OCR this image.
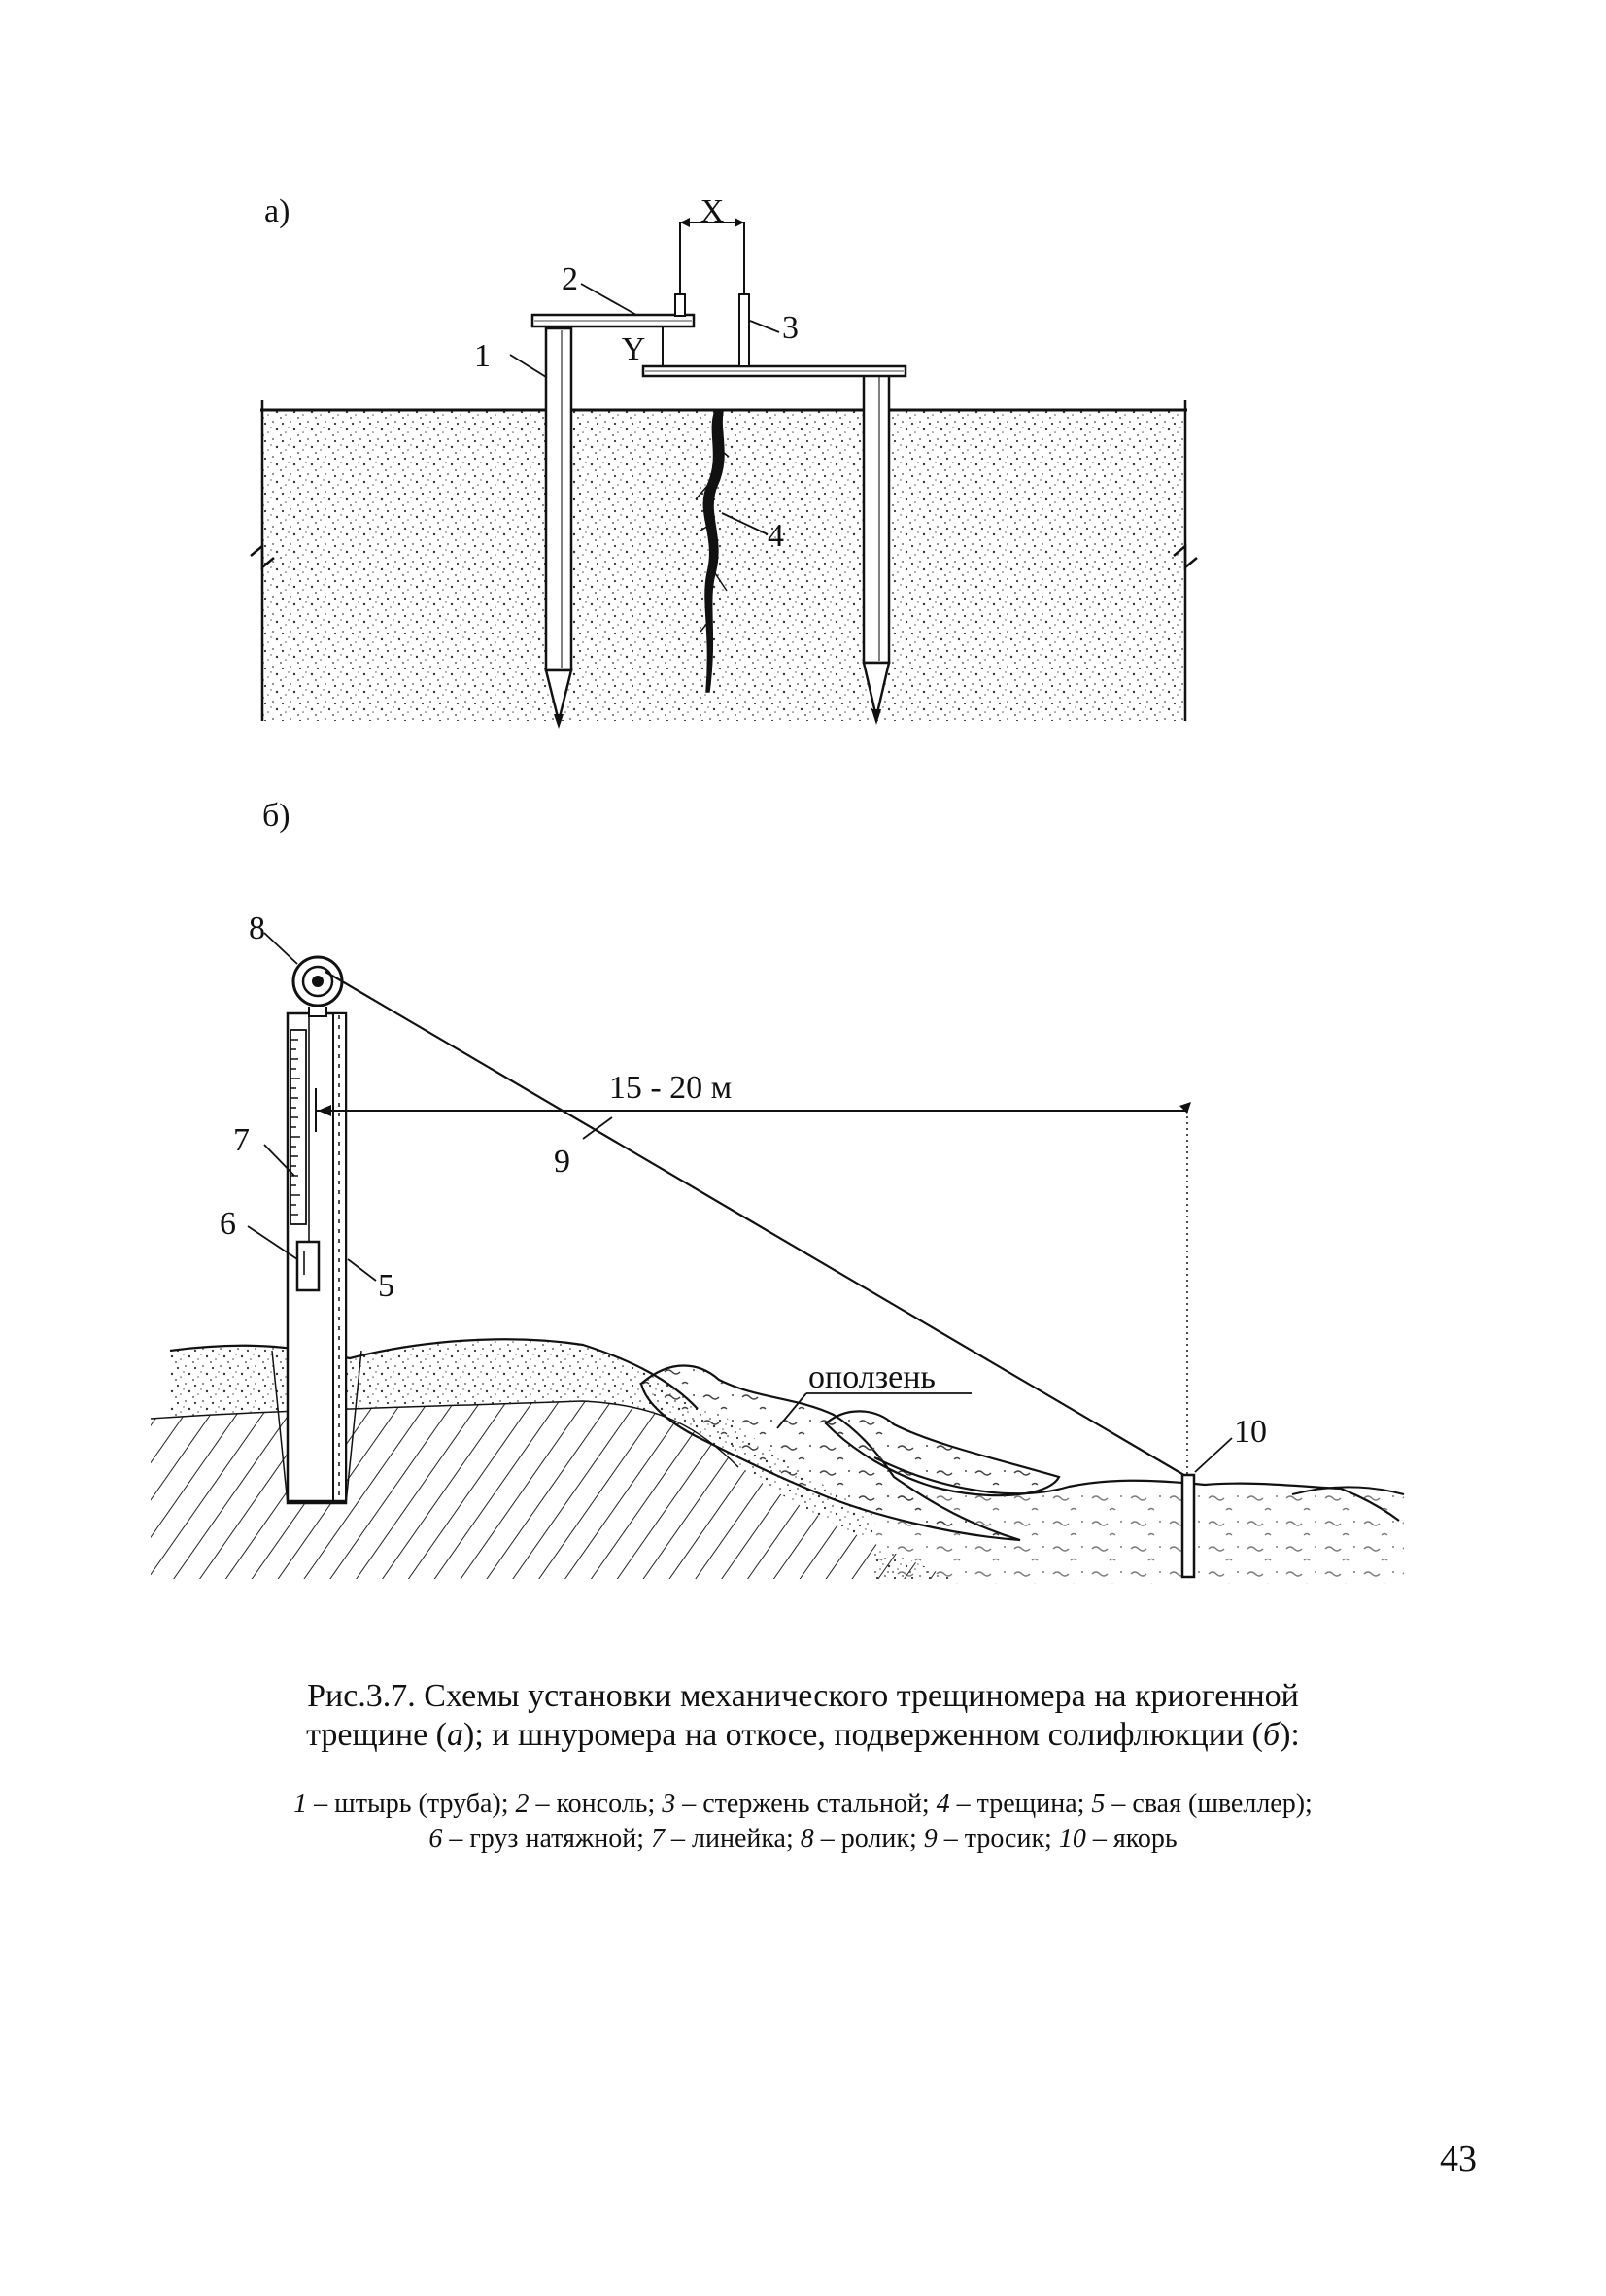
а)	X
Y
1
2
3
4
б)
15 - 20 м
оползень
8
7
6
5
9
10
Рис.3.7. Схемы установки механического трещиномера на криогенной
трещине (а); и шнуромера на откосе, подверженном солифлюкции (б):
1 – штырь (труба); 2 – консоль; 3 – стержень стальной; 4 – трещина; 5 – свая (швеллер);
6 – груз натяжной; 7 – линейка; 8 – ролик; 9 – тросик; 10 – якорь
43
